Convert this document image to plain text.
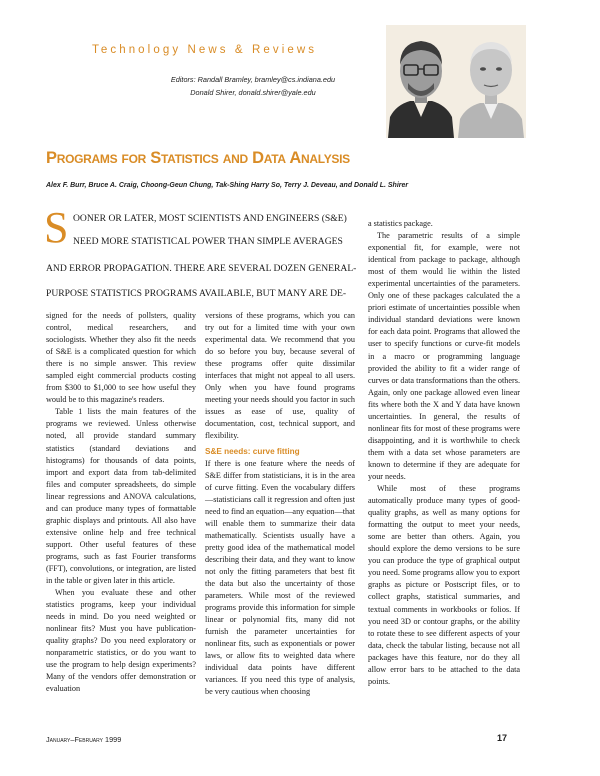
Technology News & Reviews
Editors: Randall Bramley, bramley@cs.indiana.edu
Donald Shirer, donald.shirer@yale.edu
Programs for Statistics and Data Analysis
Alex F. Burr, Bruce A. Craig, Choong-Geun Chung, Tak-Shing Harry So, Terry J. Deveau, and Donald L. Shirer
S OONER OR LATER, MOST SCIENTISTS AND ENGINEERS (S&E)
NEED MORE STATISTICAL POWER THAN SIMPLE AVERAGES
AND ERROR PROPAGATION. THERE ARE SEVERAL DOZEN GENERAL-
PURPOSE STATISTICS PROGRAMS AVAILABLE, BUT MANY ARE DE-

signed for the needs of pollsters, quality control, medical researchers, and sociologists. Whether they also fit the needs of S&E is a complicated question for which there is no simple answer. This review sampled eight commercial products costing from $300 to $1,000 to see how useful they would be to this magazine's readers.

Table 1 lists the main features of the programs we reviewed. Unless otherwise noted, all provide standard summary statistics (standard deviations and histograms) for thousands of data points, import and export data from tab-delimited files and computer spreadsheets, do simple linear regressions and ANOVA calculations, and can produce many types of formattable graphic displays and printouts. All also have extensive online help and free technical support. Other useful features of these programs, such as fast Fourier transforms (FFT), convolutions, or integration, are listed in the table or given later in this article.

When you evaluate these and other statistics programs, keep your individual needs in mind. Do you need weighted or nonlinear fits? Must you have publication-quality graphs? Do you need exploratory or nonparametric statistics, or do you want to use the program to help design experiments? Many of the vendors offer demonstration or evaluation

versions of these programs, which you can try out for a limited time with your own experimental data. We recommend that you do so before you buy, because several of these programs offer quite dissimilar interfaces that might not appeal to all users. Only when you have found programs meeting your needs should you factor in such issues as ease of use, quality of documentation, cost, technical support, and flexibility.

S&E needs: curve fitting

If there is one feature where the needs of S&E differ from statisticians, it is in the area of curve fitting. Even the vocabulary differs—statisticians call it regression and often just need to find an equation—any equation—that will enable them to summarize their data mathematically. Scientists usually have a pretty good idea of the mathematical model describing their data, and they want to know not only the fitting parameters that best fit the data but also the uncertainty of those parameters. While most of the reviewed programs provide this information for simple linear or polynomial fits, many did not furnish the parameter uncertainties for nonlinear fits, such as exponentials or power laws, or allow fits to weighted data where individual data points have different variances. If you need this type of analysis, be very cautious when choosing

a statistics package.

The parametric results of a simple exponential fit, for example, were not identical from package to package, although most of them would lie within the listed experimental uncertainties of the parameters. Only one of these packages calculated the a priori estimate of uncertainties possible when individual standard deviations were known for each data point. Programs that allowed the user to specify functions or curve-fit models in a macro or programming language provided the ability to fit a wider range of curves or data transformations than the others. Again, only one package allowed even linear fits where both the X and Y data have known uncertainties. In general, the results of nonlinear fits for most of these programs were disappointing, and it is worthwhile to check them with a data set whose parameters are known to determine if they are adequate for your needs.

While most of these programs automatically produce many types of good-quality graphs, as well as many options for formatting the output to meet your needs, some are better than others. Again, you should explore the demo versions to be sure you can produce the type of graphical output you need. Some programs allow you to export graphs as picture or Postscript files, or to collect graphs, statistical summaries, and textual comments in workbooks or folios. If you need 3D or contour graphs, or the ability to rotate these to see different aspects of your data, check the tabular listing, because not all packages have this feature, nor do they all allow error bars to be attached to the data points.

January–February 1999	17
